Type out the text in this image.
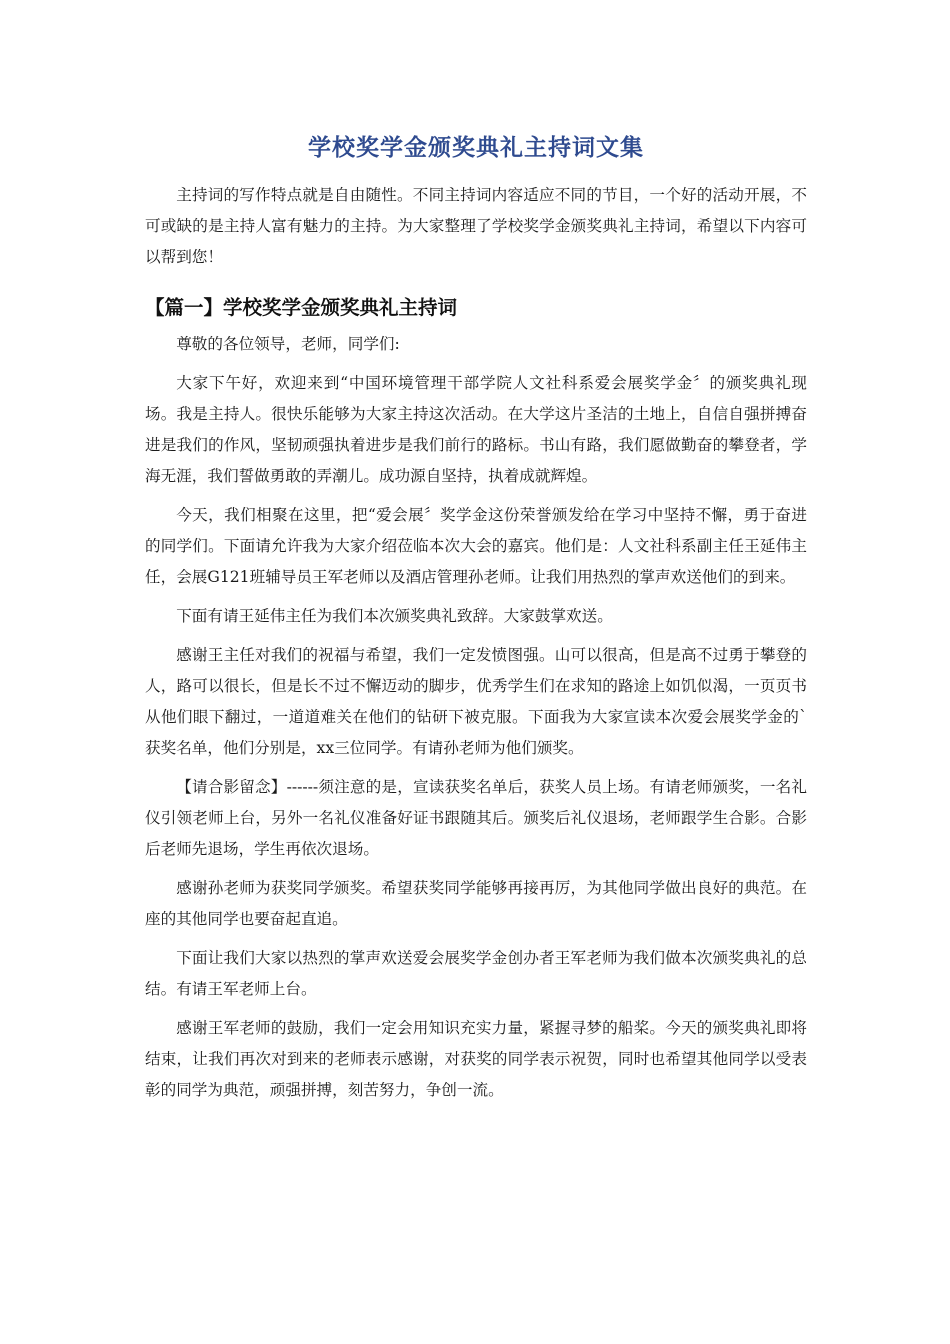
学校奖学金颁奖典礼主持词文集

主持词的写作特点就是自由随性。不同主持词内容适应不同的节目，一个好的活动开展，不可或缺的是主持人富有魅力的主持。为大家整理了学校奖学金颁奖典礼主持词，希望以下内容可以帮到您！

【篇一】学校奖学金颁奖典礼主持词

尊敬的各位领导，老师，同学们:

大家下午好，欢迎来到“中国环境管理干部学院人文社科系爱会展奖学金〞的颁奖典礼现场。我是主持人。很快乐能够为大家主持这次活动。在大学这片圣洁的土地上，自信自强拼搏奋进是我们的作风，坚韧顽强执着进步是我们前行的路标。书山有路，我们愿做勤奋的攀登者，学海无涯，我们誓做勇敢的弄潮儿。成功源自坚持，执着成就辉煌。

今天，我们相聚在这里，把“爱会展〞奖学金这份荣誉颁发给在学习中坚持不懈，勇于奋进的同学们。下面请允许我为大家介绍莅临本次大会的嘉宾。他们是：人文社科系副主任王延伟主任，会展G121班辅导员王军老师以及酒店管理孙老师。让我们用热烈的掌声欢送他们的到来。

下面有请王延伟主任为我们本次颁奖典礼致辞。大家鼓掌欢送。

感谢王主任对我们的祝福与希望，我们一定发愤图强。山可以很高，但是高不过勇于攀登的人，路可以很长，但是长不过不懈迈动的脚步，优秀学生们在求知的路途上如饥似渴，一页页书从他们眼下翻过，一道道难关在他们的钻研下被克服。下面我为大家宣读本次爱会展奖学金的`获奖名单，他们分别是，xx三位同学。有请孙老师为他们颁奖。

【请合影留念】------须注意的是，宣读获奖名单后，获奖人员上场。有请老师颁奖，一名礼仪引领老师上台，另外一名礼仪准备好证书跟随其后。颁奖后礼仪退场，老师跟学生合影。合影后老师先退场，学生再依次退场。

感谢孙老师为获奖同学颁奖。希望获奖同学能够再接再厉，为其他同学做出良好的典范。在座的其他同学也要奋起直追。

下面让我们大家以热烈的掌声欢送爱会展奖学金创办者王军老师为我们做本次颁奖典礼的总结。有请王军老师上台。

感谢王军老师的鼓励，我们一定会用知识充实力量，紧握寻梦的船桨。今天的颁奖典礼即将结束，让我们再次对到来的老师表示感谢，对获奖的同学表示祝贺，同时也希望其他同学以受表彰的同学为典范，顽强拼搏，刻苦努力，争创一流。
